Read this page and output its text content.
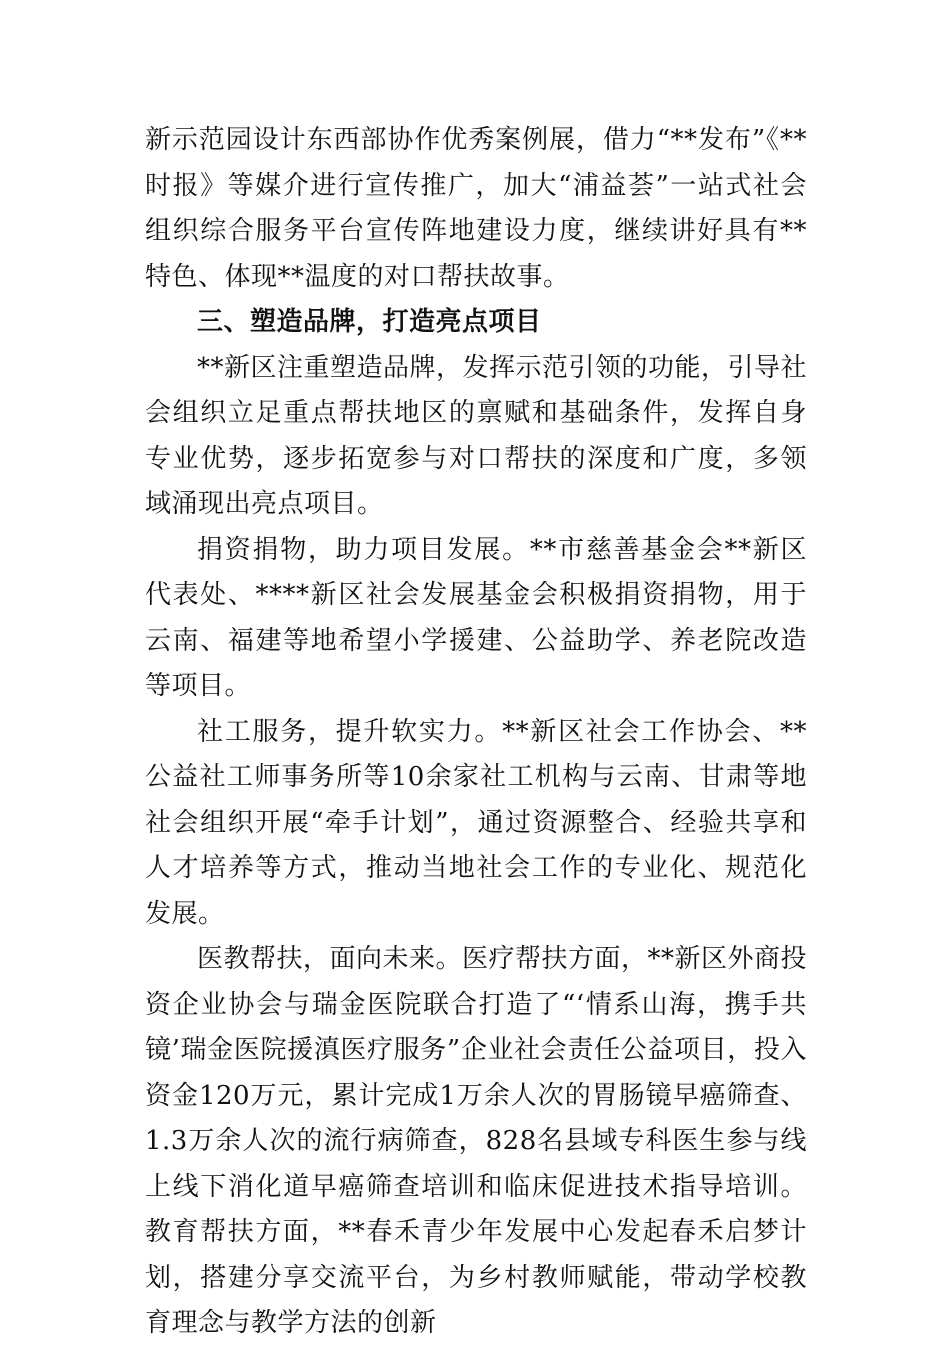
新示范园设计东西部协作优秀案例展，借力“**发布”《**时报》等媒介进行宣传推广，加大“浦益荟”一站式社会组织综合服务平台宣传阵地建设力度，继续讲好具有**特色、体现**温度的对口帮扶故事。

三、塑造品牌，打造亮点项目

**新区注重塑造品牌，发挥示范引领的功能，引导社会组织立足重点帮扶地区的禀赋和基础条件，发挥自身专业优势，逐步拓宽参与对口帮扶的深度和广度，多领域涌现出亮点项目。

捐资捐物，助力项目发展。**市慈善基金会**新区代表处、****新区社会发展基金会积极捐资捐物，用于云南、福建等地希望小学援建、公益助学、养老院改造等项目。

社工服务，提升软实力。**新区社会工作协会、**公益社工师事务所等10余家社工机构与云南、甘肃等地社会组织开展“牵手计划”，通过资源整合、经验共享和人才培养等方式，推动当地社会工作的专业化、规范化发展。

医教帮扶，面向未来。医疗帮扶方面，**新区外商投资企业协会与瑞金医院联合打造了“‘情系山海，携手共镜’瑞金医院援滇医疗服务”企业社会责任公益项目，投入资金120万元，累计完成1万余人次的胃肠镜早癌筛查、1.3万余人次的流行病筛查，828名县域专科医生参与线上线下消化道早癌筛查培训和临床促进技术指导培训。教育帮扶方面，**春禾青少年发展中心发起春禾启梦计划，搭建分享交流平台，为乡村教师赋能，带动学校教育理念与教学方法的创新
